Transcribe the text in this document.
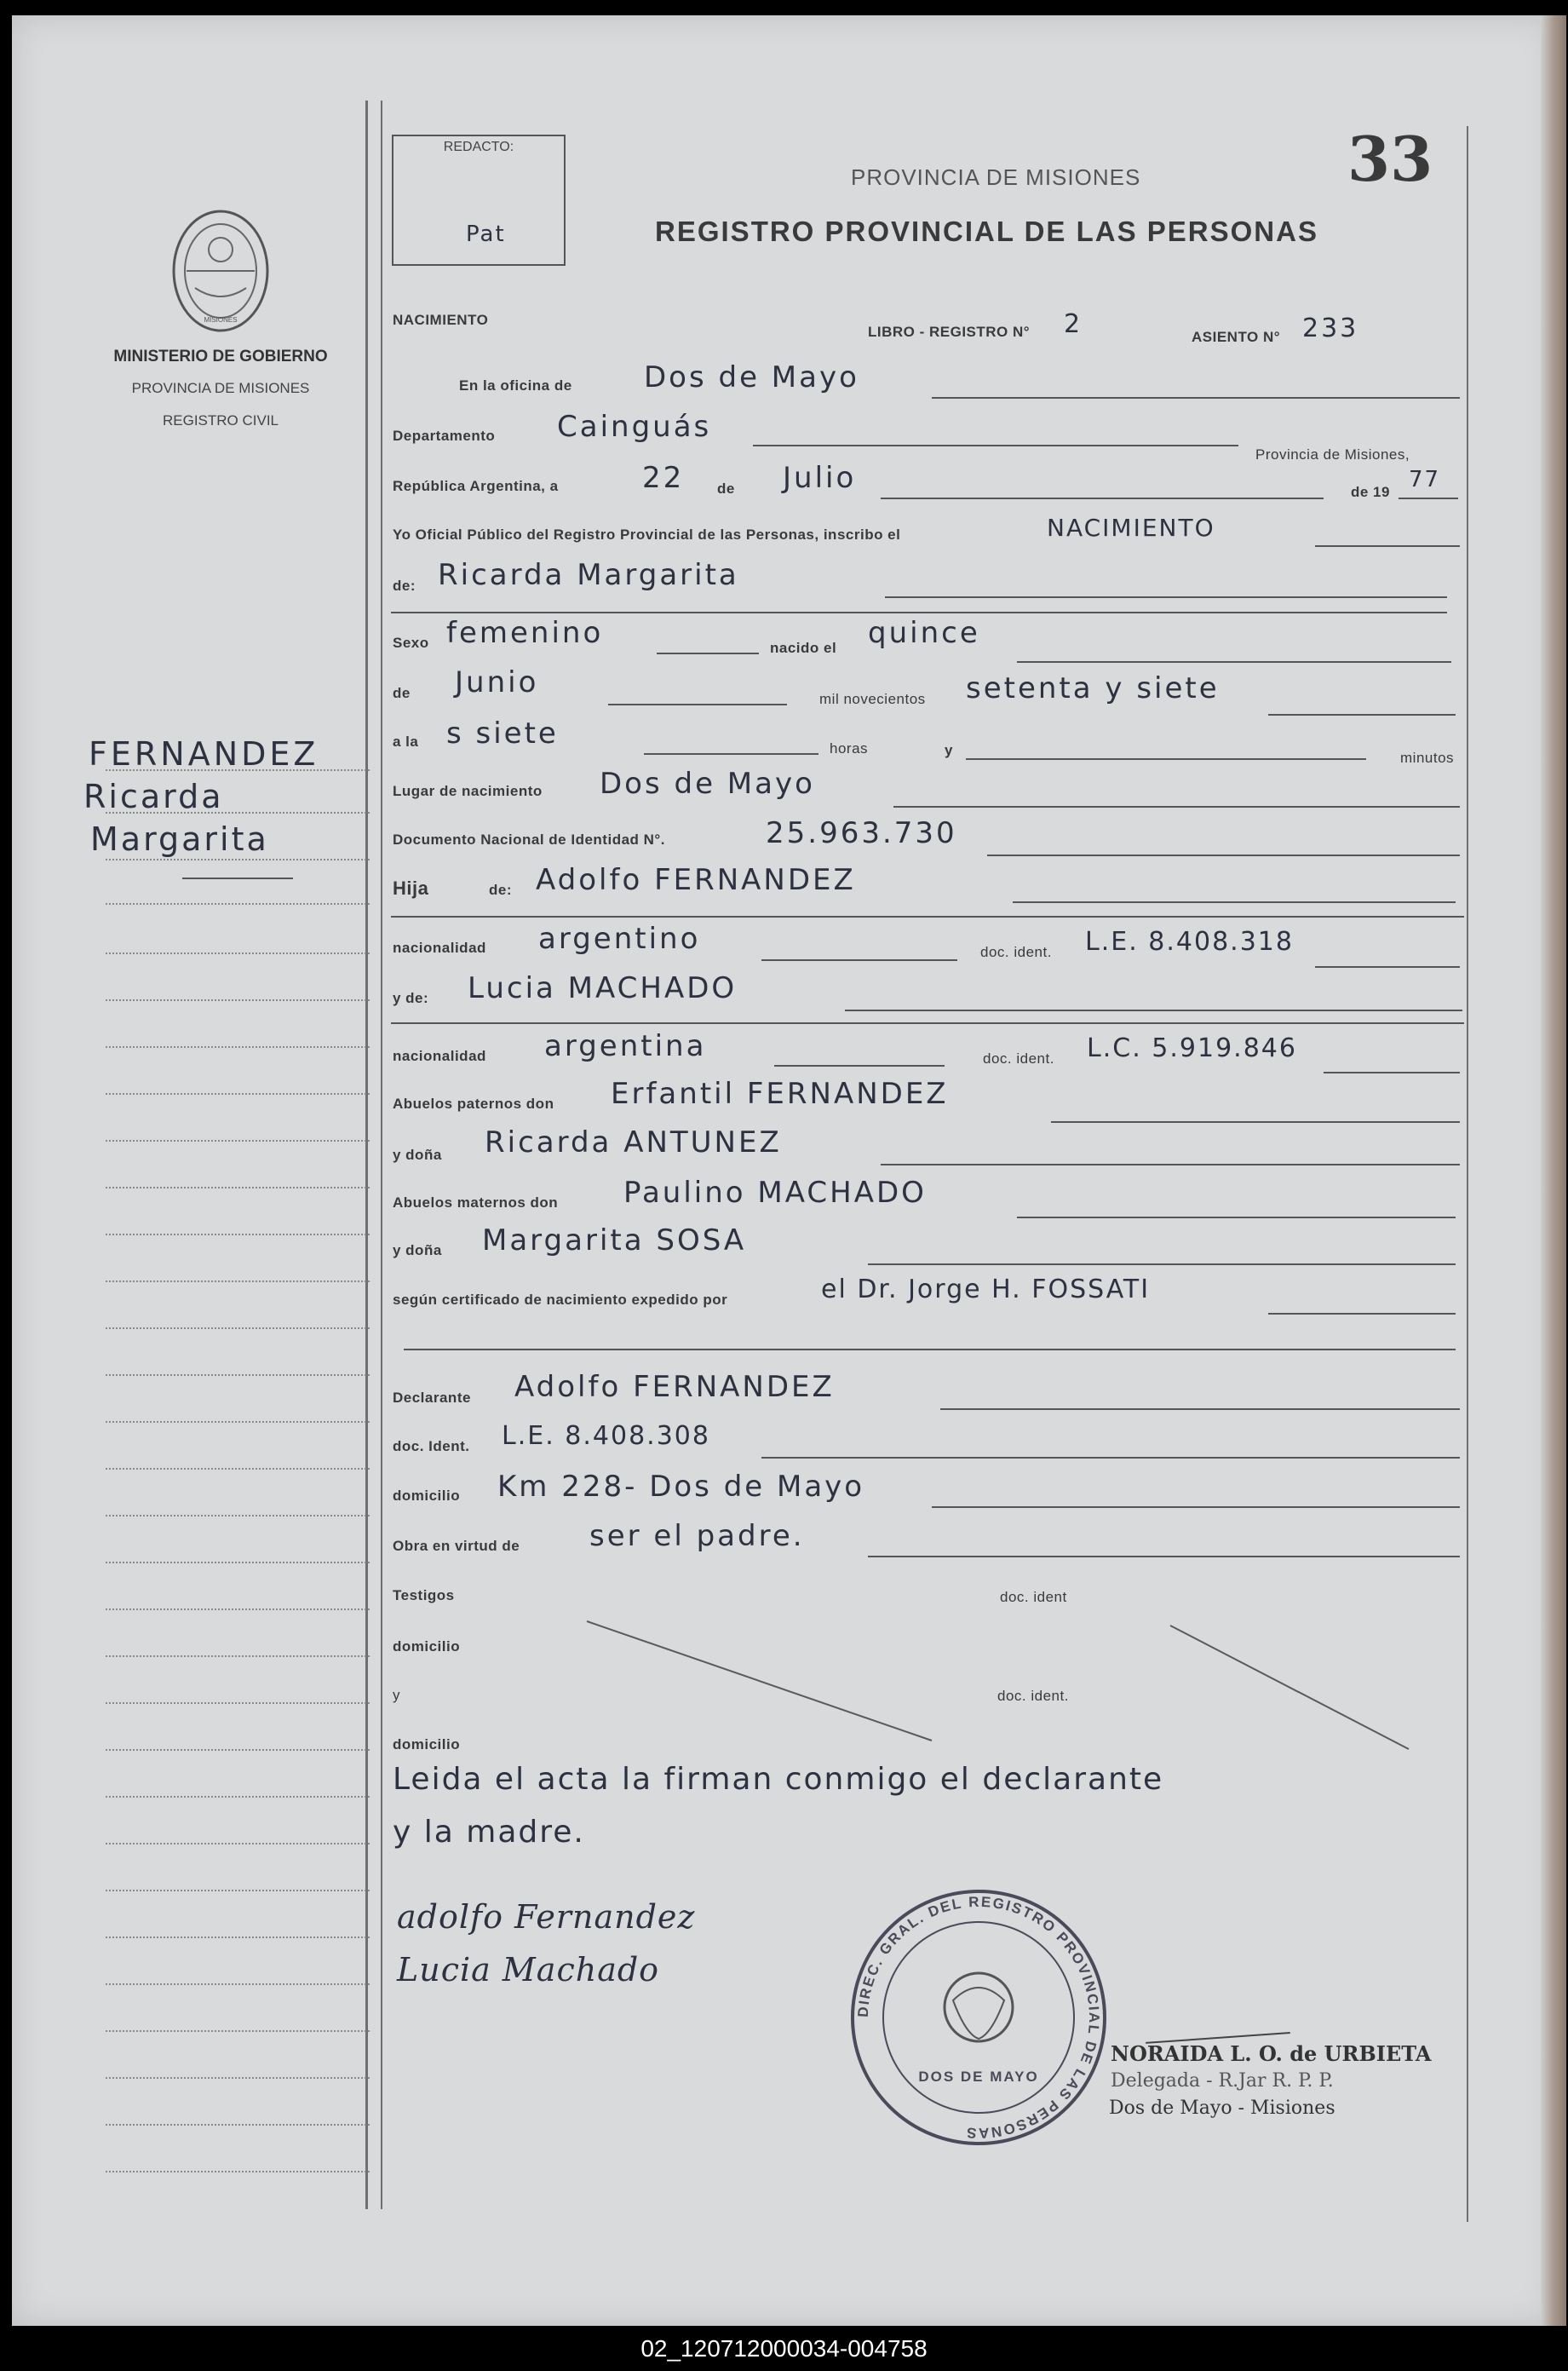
MISIONES
MINISTERIO DE GOBIERNO
PROVINCIA DE MISIONES
REGISTRO CIVIL
REDACTO:
Pat
PROVINCIA DE MISIONES
REGISTRO PROVINCIAL DE LAS PERSONAS
33
NACIMIENTO
LIBRO - REGISTRO N° 2	ASIENTO N° 233
FERNANDEZ
Ricarda
Margarita
En la oficina de Dos de Mayo
Departamento Cainguás
Provincia de Misiones,
República Argentina, a	22 de Julio	de 19 77
Yo Oficial Público del Registro Provincial de las Personas, inscribo el	NACIMIENTO
de: Ricarda Margarita
Sexo femenino	nacido el quince
de Junio	mil novecientos setenta y siete
a la s siete	horas	y	minutos
Lugar de nacimiento Dos de Mayo
Documento Nacional de Identidad N°.	25.963.730
Hija	de: Adolfo FERNANDEZ
nacionalidad argentino	doc. ident. L.E. 8.408.318
y de: Lucia MACHADO
nacionalidad argentina	doc. ident. L.C. 5.919.846
Abuelos paternos don Erfantil FERNANDEZ
y doña Ricarda ANTUNEZ
Abuelos maternos don Paulino MACHADO
y doña Margarita SOSA
según certificado de nacimiento expedido por	el Dr. Jorge H. FOSSATI
Declarante Adolfo FERNANDEZ
doc. Ident. L.E. 8.408.308
domicilio Km 228- Dos de Mayo
Obra en virtud de ser el padre.
Testigos	doc. ident
domicilio
y	doc. ident.
domicilio
Leida el acta la firman conmigo el declarante
y la madre.
adolfo Fernandez
Lucia Machado
DIREC. GRAL. DEL REGISTRO PROVINCIAL DE LAS PERSONAS
DOS DE MAYO
NORAIDA L. O. de URBIETA
Delegada - R.Jar R. P. P.
Dos de Mayo - Misiones
02_120712000034-004758
